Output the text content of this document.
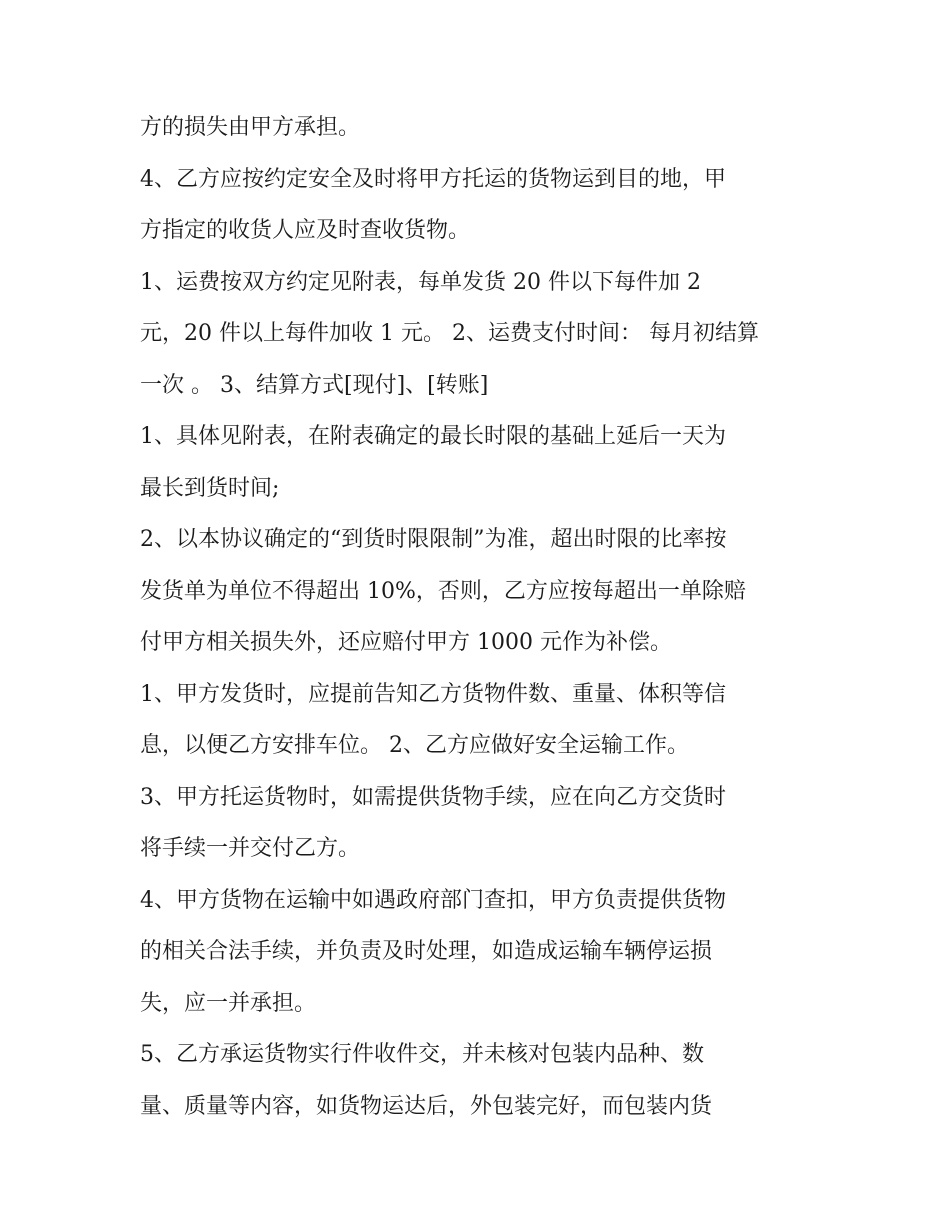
方的损失由甲方承担。
4、乙方应按约定安全及时将甲方托运的货物运到目的地，甲
方指定的收货人应及时查收货物。
1、运费按双方约定见附表，每单发货 20 件以下每件加 2
元，20 件以上每件加收 1 元。 2、运费支付时间： 每月初结算
一次 。 3、结算方式[现付]、[转账]
1、具体见附表，在附表确定的最长时限的基础上延后一天为
最长到货时间;
2、以本协议确定的“到货时限限制”为准，超出时限的比率按
发货单为单位不得超出 10%，否则，乙方应按每超出一单除赔
付甲方相关损失外，还应赔付甲方 1000 元作为补偿。
1、甲方发货时，应提前告知乙方货物件数、重量、体积等信
息，以便乙方安排车位。 2、乙方应做好安全运输工作。
3、甲方托运货物时，如需提供货物手续，应在向乙方交货时
将手续一并交付乙方。
4、甲方货物在运输中如遇政府部门查扣，甲方负责提供货物
的相关合法手续，并负责及时处理，如造成运输车辆停运损
失，应一并承担。
5、乙方承运货物实行件收件交，并未核对包装内品种、数
量、质量等内容，如货物运达后，外包装完好，而包装内货
